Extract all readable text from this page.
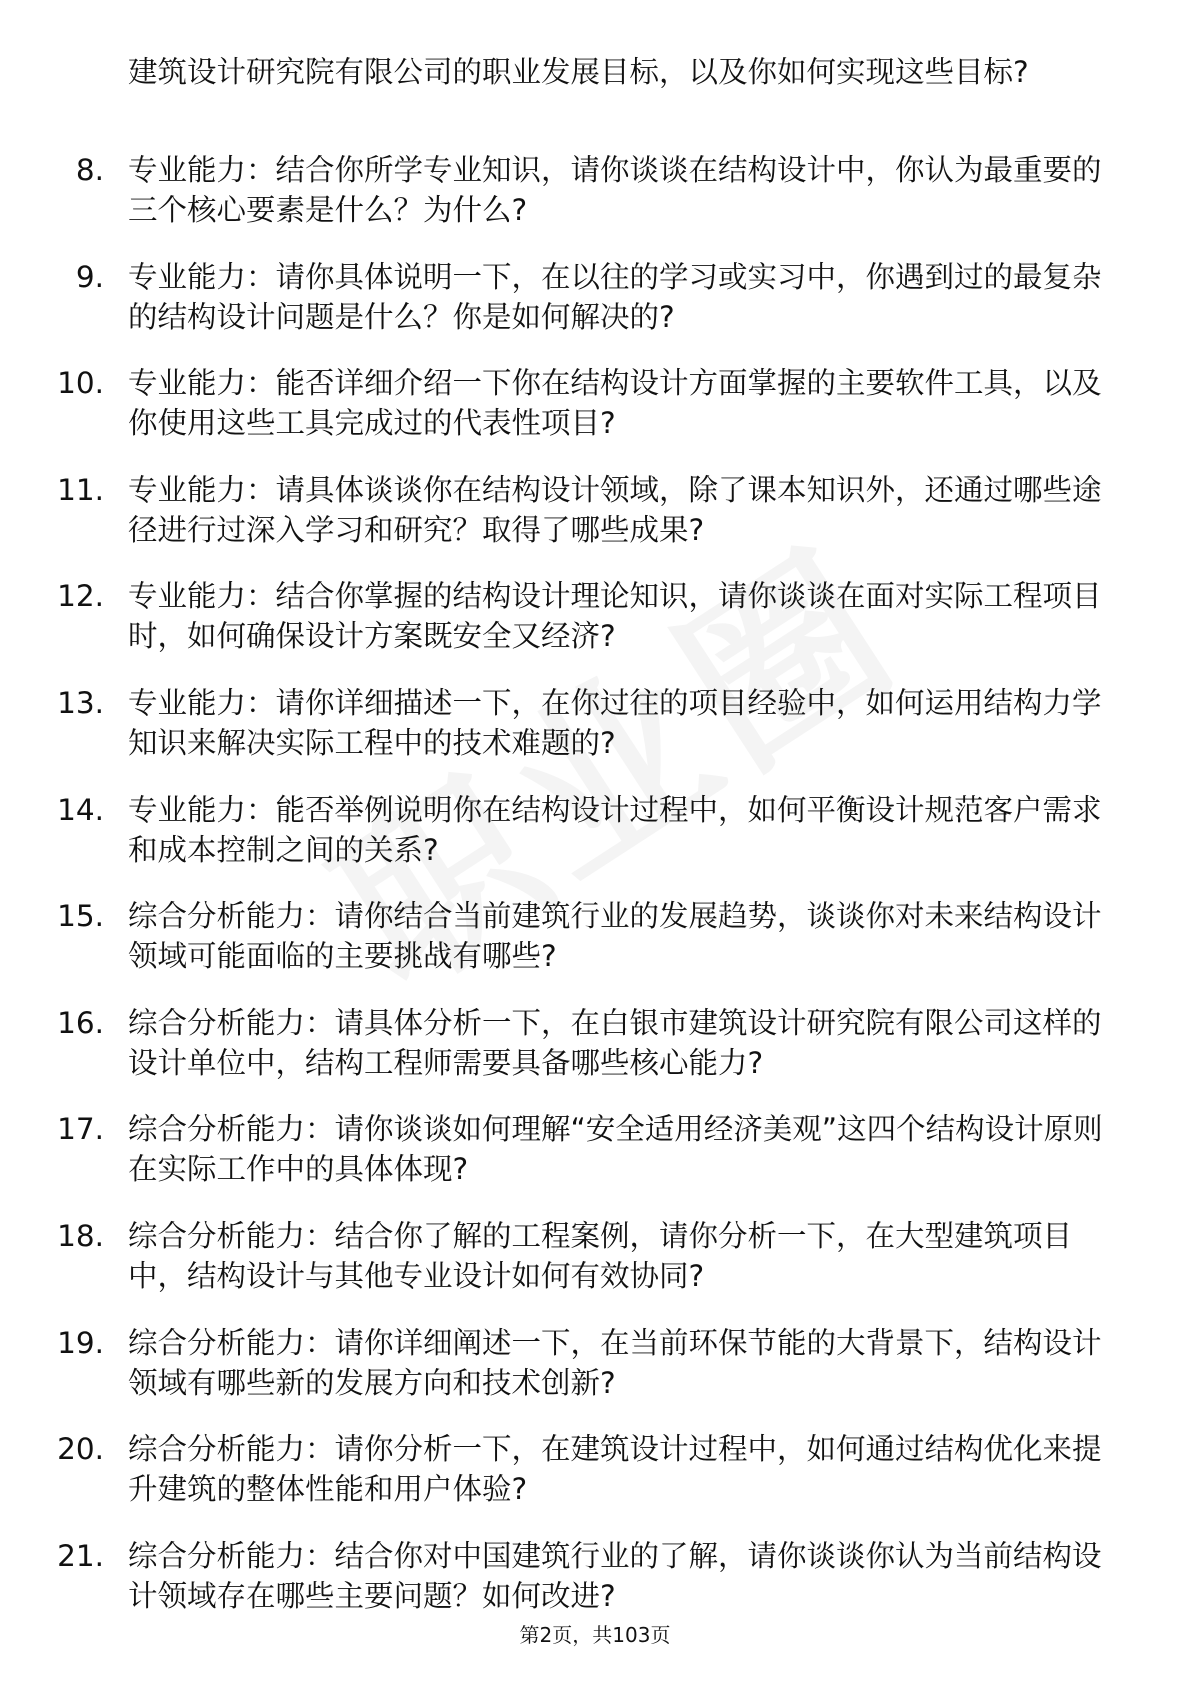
建筑设计研究院有限公司的职业发展目标，以及你如何实现这些目标?
8. 专业能力：结合你所学专业知识，请你谈谈在结构设计中，你认为最重要的三个核心要素是什么？为什么?
9. 专业能力：请你具体说明一下，在以往的学习或实习中，你遇到过的最复杂的结构设计问题是什么？你是如何解决的?
10. 专业能力：能否详细介绍一下你在结构设计方面掌握的主要软件工具，以及你使用这些工具完成过的代表性项目?
11. 专业能力：请具体谈谈你在结构设计领域，除了课本知识外，还通过哪些途径进行过深入学习和研究？取得了哪些成果?
12. 专业能力：结合你掌握的结构设计理论知识，请你谈谈在面对实际工程项目时，如何确保设计方案既安全又经济?
13. 专业能力：请你详细描述一下，在你过往的项目经验中，如何运用结构力学知识来解决实际工程中的技术难题的?
14. 专业能力：能否举例说明你在结构设计过程中，如何平衡设计规范客户需求和成本控制之间的关系?
15. 综合分析能力：请你结合当前建筑行业的发展趋势，谈谈你对未来结构设计领域可能面临的主要挑战有哪些?
16. 综合分析能力：请具体分析一下，在白银市建筑设计研究院有限公司这样的设计单位中，结构工程师需要具备哪些核心能力?
17. 综合分析能力：请你谈谈如何理解“安全适用经济美观”这四个结构设计原则在实际工作中的具体体现?
18. 综合分析能力：结合你了解的工程案例，请你分析一下，在大型建筑项目中，结构设计与其他专业设计如何有效协同?
19. 综合分析能力：请你详细阐述一下，在当前环保节能的大背景下，结构设计领域有哪些新的发展方向和技术创新?
20. 综合分析能力：请你分析一下，在建筑设计过程中，如何通过结构优化来提升建筑的整体性能和用户体验?
21. 综合分析能力：结合你对中国建筑行业的了解，请你谈谈你认为当前结构设计领域存在哪些主要问题？如何改进?
第2页，共103页
